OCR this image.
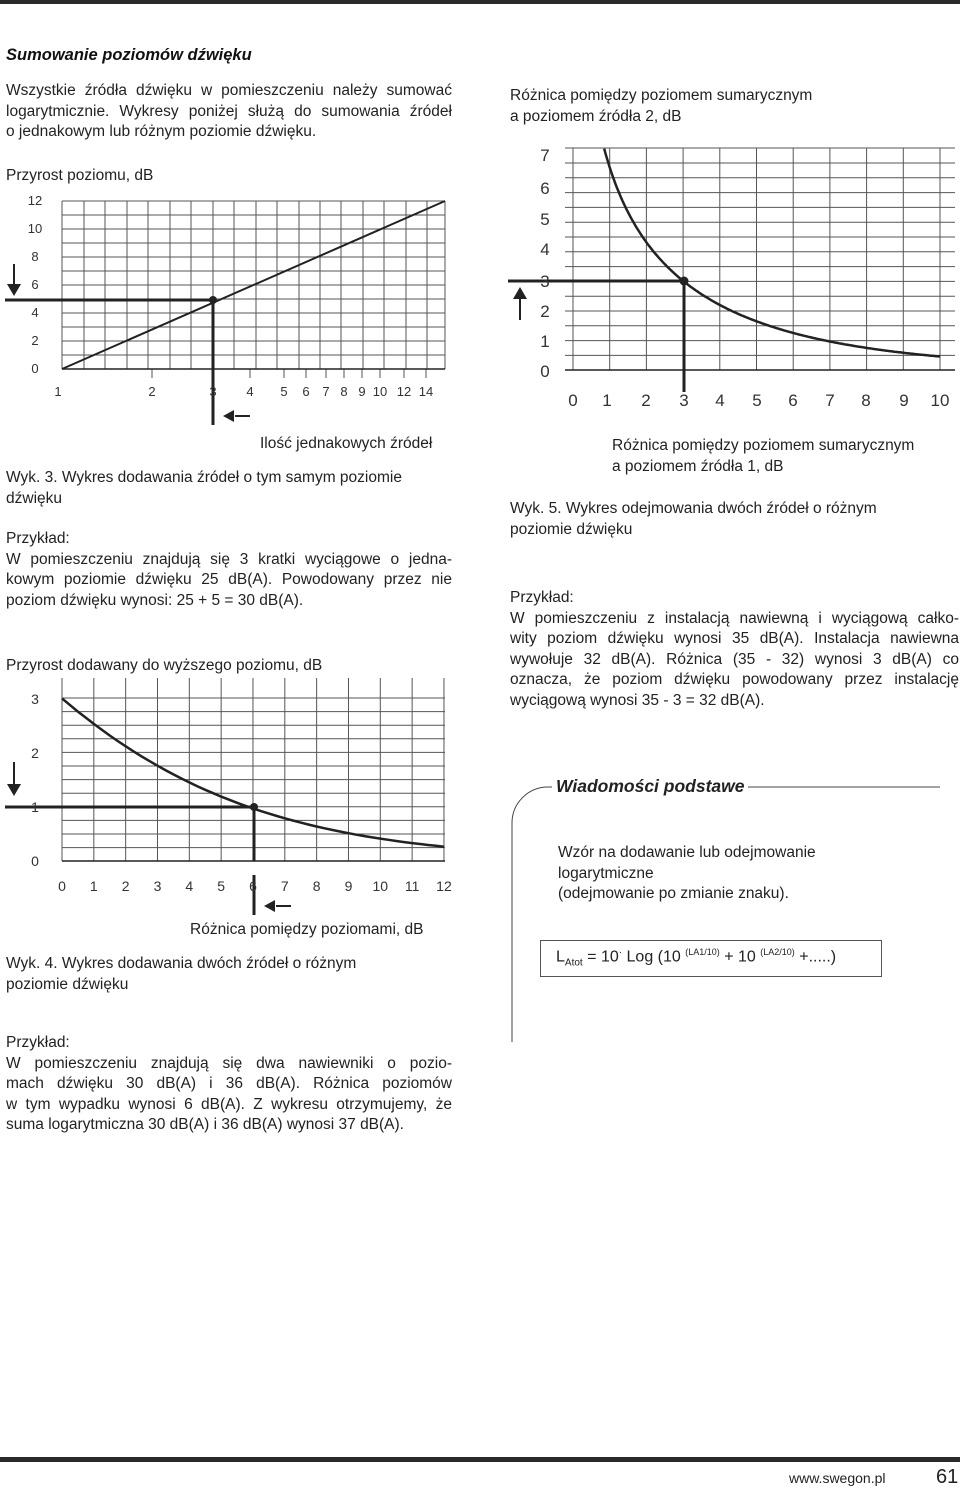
Sumowanie poziomów dźwięku
Wszystkie źródła dźwięku w pomieszczeniu należy sumować
logarytmicznie. Wykresy poniżej służą do sumowania źródeł
o jednakowym lub różnym poziomie dźwięku.
Przyrost poziomu, dB
12
10
8
6
4
2
0
1	2	3 4 5 6 7 8 9 10 12 14
Ilość jednakowych źródeł
Wyk. 3. Wykres dodawania źródeł o tym samym poziomie
dźwięku
Przykład:
W pomieszczeniu znajdują się 3 kratki wyciągowe o jedna-
kowym poziomie dźwięku 25 dB(A). Powodowany przez nie
poziom dźwięku wynosi: 25 + 5 = 30 dB(A).
Przyrost dodawany do wyższego poziomu, dB
3
2
1
0
0 1 2 3 4 5 6 7 8 9 10 11 12
Różnica pomiędzy poziomami, dB
Wyk. 4. Wykres dodawania dwóch źródeł o różnym
poziomie dźwięku
Przykład:
W pomieszczeniu znajdują się dwa nawiewniki o pozio-
mach dźwięku 30 dB(A) i 36 dB(A). Różnica poziomów
w tym wypadku wynosi 6 dB(A). Z wykresu otrzymujemy, że
suma logarytmiczna 30 dB(A) i 36 dB(A) wynosi 37 dB(A).
Różnica pomiędzy poziomem sumarycznym
a poziomem źródła 2, dB
7
6
5
4
3
2
1
0
0 1 2 3 4 5 6 7 8 9 10
Różnica pomiędzy poziomem sumarycznym
a poziomem źródła 1, dB
Wyk. 5. Wykres odejmowania dwóch źródeł o różnym
poziomie dźwięku
Przykład:
W pomieszczeniu z instalacją nawiewną i wyciągową całko-
wity poziom dźwięku wynosi 35 dB(A). Instalacja nawiewna
wywołuje 32 dB(A). Różnica (35 - 32) wynosi 3 dB(A) co
oznacza, że poziom dźwięku powodowany przez instalację
wyciągową wynosi 35 - 3 = 32 dB(A).
Wiadomości podstawe
Wzór na dodawanie lub odejmowanie
logarytmiczne
(odejmowanie po zmianie znaku).
$L_{Atot} = 10^\cdot$ Log (10 $^{(LA1/10)}$ + 10 $^{(LA2/10)}$ +.....)
www.swegon.pl	61
